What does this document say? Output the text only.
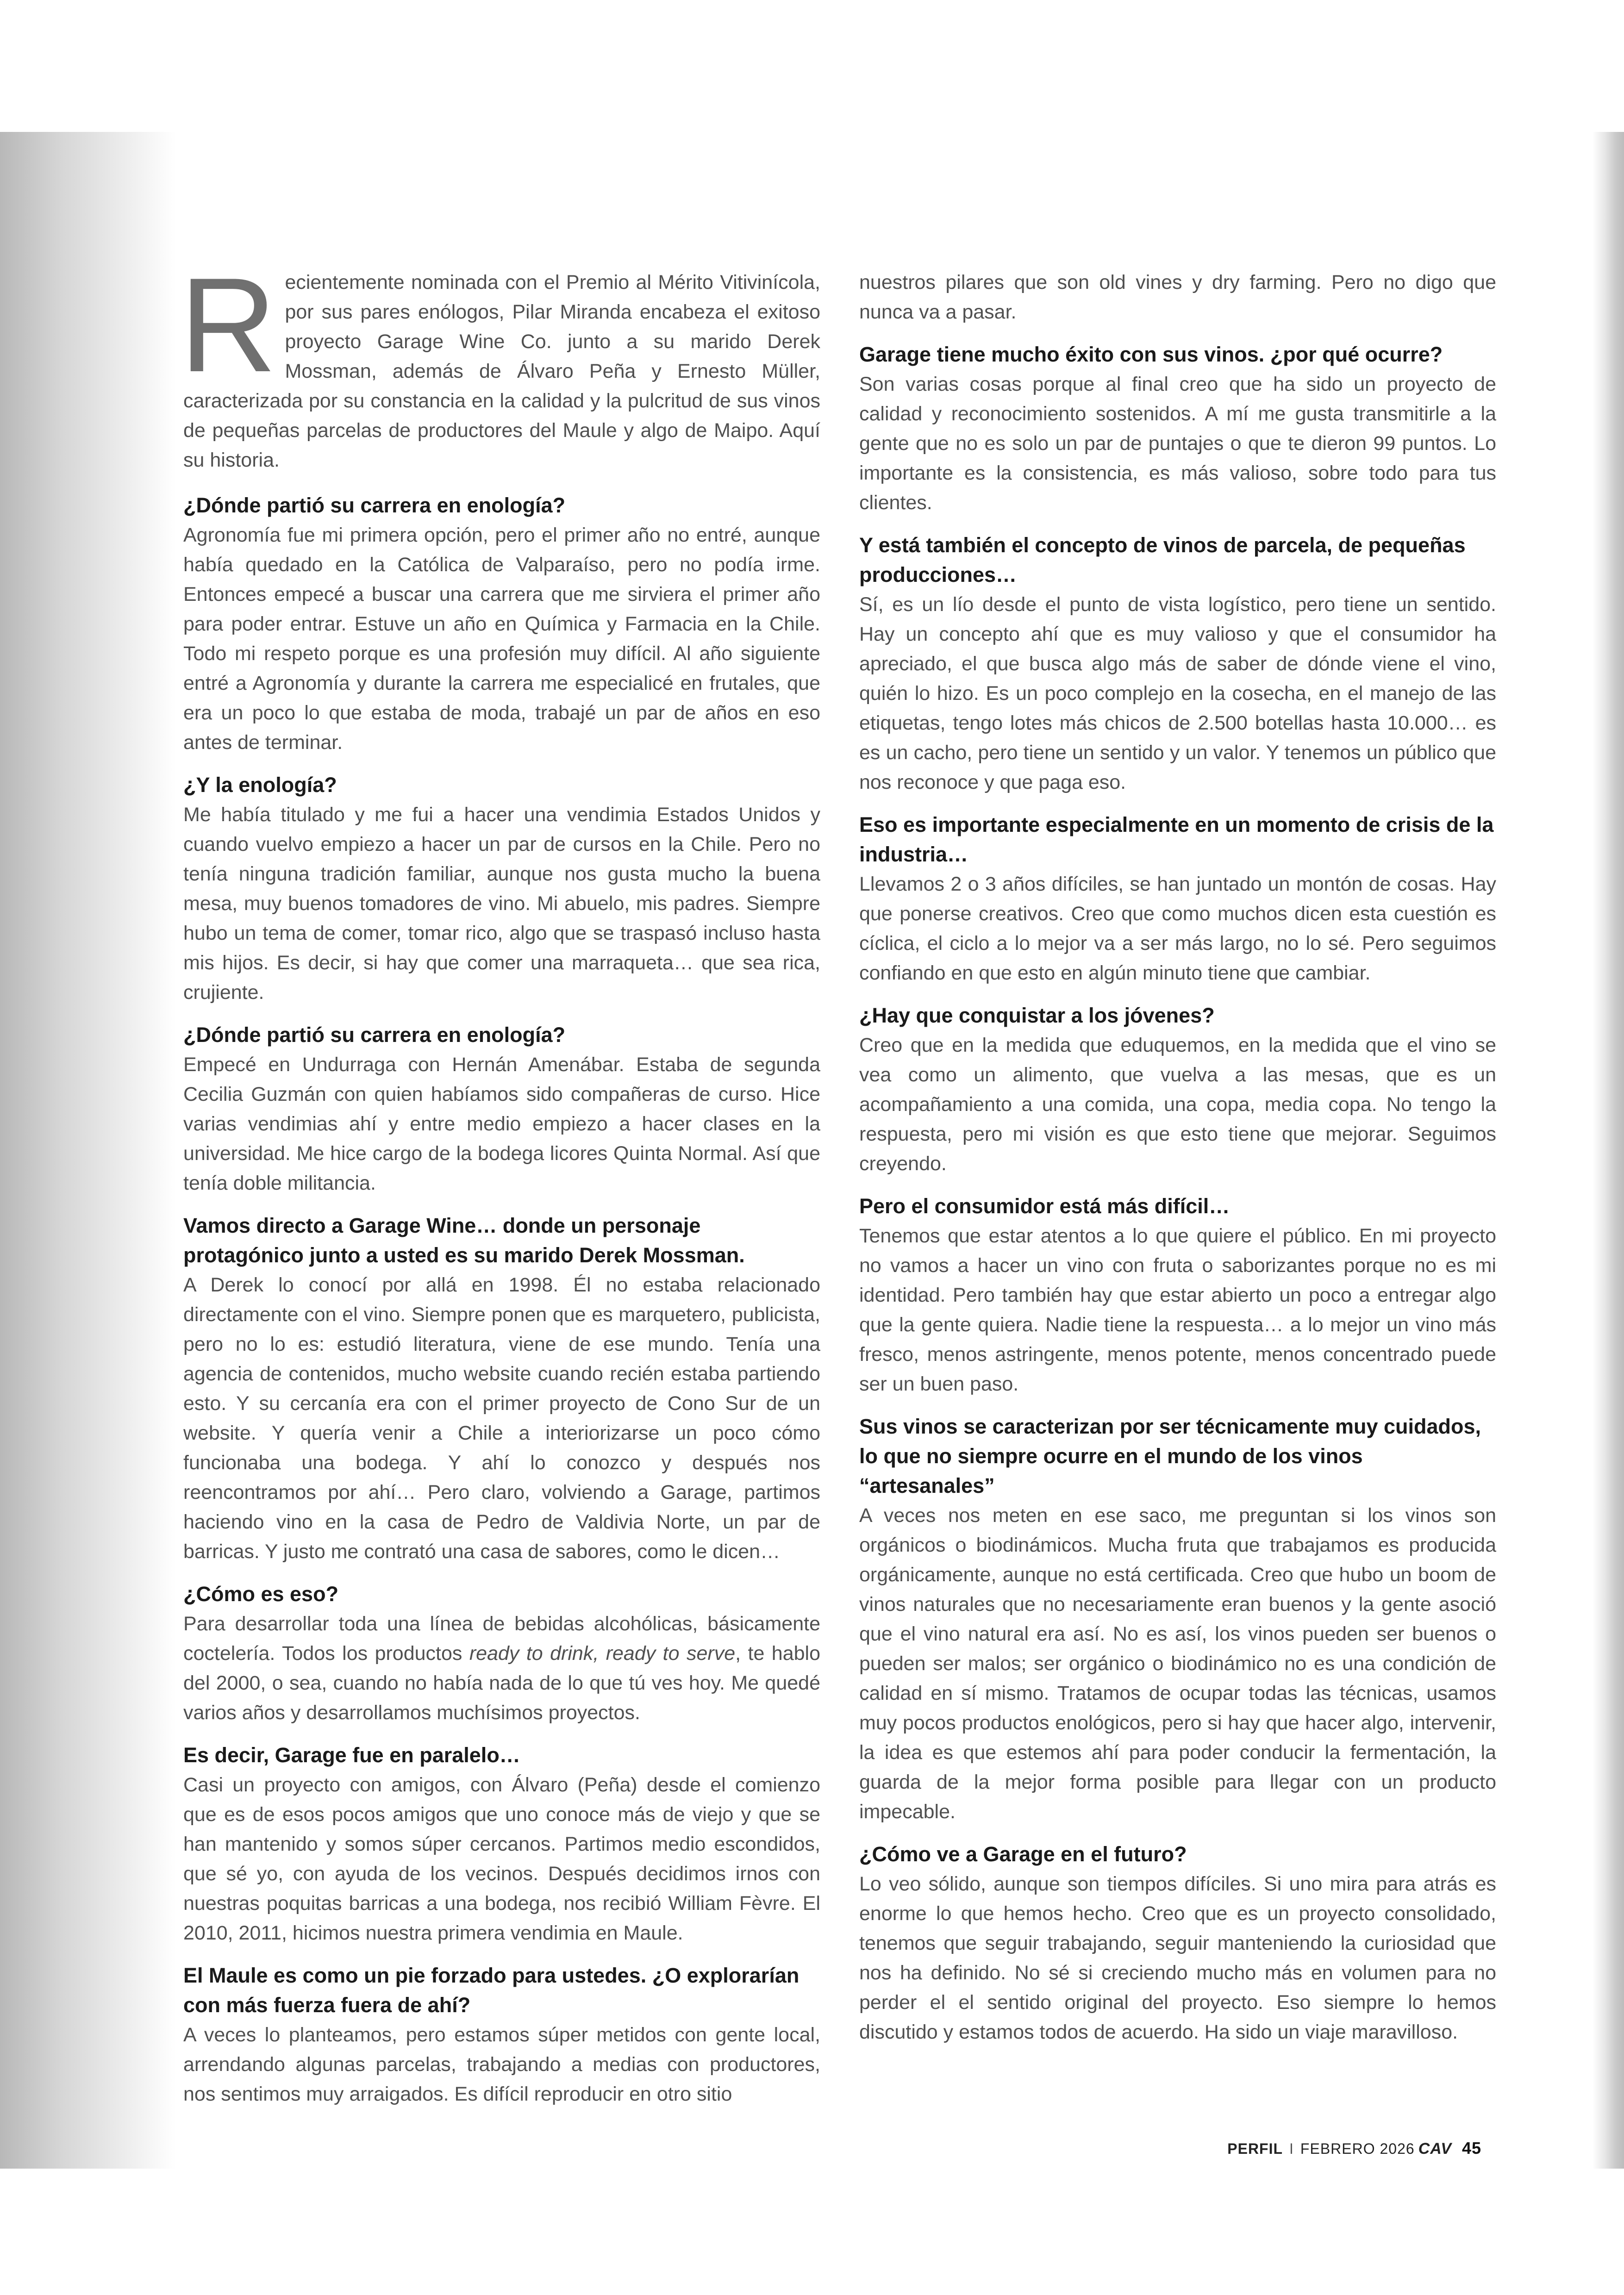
Recientemente nominada con el Premio al Mérito Vitivinícola, por sus pares enólogos, Pilar Miranda encabeza el exitoso proyecto Garage Wine Co. junto a su marido Derek Mossman, además de Álvaro Peña y Ernesto Müller, caracterizada por su constancia en la calidad y la pulcritud de sus vinos de pequeñas parcelas de productores del Maule y algo de Maipo. Aquí su historia.

¿Dónde partió su carrera en enología?

Agronomía fue mi primera opción, pero el primer año no entré, aunque había quedado en la Católica de Valparaíso, pero no podía irme. Entonces empecé a buscar una carrera que me sirviera el primer año para poder entrar. Estuve un año en Química y Farmacia en la Chile. Todo mi respeto porque es una profesión muy difícil. Al año siguiente entré a Agronomía y durante la carrera me especialicé en frutales, que era un poco lo que estaba de moda, trabajé un par de años en eso antes de terminar.

¿Y la enología?

Me había titulado y me fui a hacer una vendimia Estados Unidos y cuando vuelvo empiezo a hacer un par de cursos en la Chile. Pero no tenía ninguna tradición familiar, aunque nos gusta mucho la buena mesa, muy buenos tomadores de vino. Mi abuelo, mis padres. Siempre hubo un tema de comer, tomar rico, algo que se traspasó incluso hasta mis hijos. Es decir, si hay que comer una marraqueta… que sea rica, crujiente.

¿Dónde partió su carrera en enología?

Empecé en Undurraga con Hernán Amenábar. Estaba de segunda Cecilia Guzmán con quien habíamos sido compañeras de curso. Hice varias vendimias ahí y entre medio empiezo a hacer clases en la universidad. Me hice cargo de la bodega licores Quinta Normal. Así que tenía doble militancia.

Vamos directo a Garage Wine… donde un personaje protagónico junto a usted es su marido Derek Mossman.

A Derek lo conocí por allá en 1998. Él no estaba relacionado directamente con el vino. Siempre ponen que es marquetero, publicista, pero no lo es: estudió literatura, viene de ese mundo. Tenía una agencia de contenidos, mucho website cuando recién estaba partiendo esto. Y su cercanía era con el primer proyecto de Cono Sur de un website. Y quería venir a Chile a interiorizarse un poco cómo funcionaba una bodega. Y ahí lo conozco y después nos reencontramos por ahí… Pero claro, volviendo a Garage, partimos haciendo vino en la casa de Pedro de Valdivia Norte, un par de barricas. Y justo me contrató una casa de sabores, como le dicen…

¿Cómo es eso?

Para desarrollar toda una línea de bebidas alcohólicas, básicamente coctelería. Todos los productos ready to drink, ready to serve, te hablo del 2000, o sea, cuando no había nada de lo que tú ves hoy. Me quedé varios años y desarrollamos muchísimos proyectos.

Es decir, Garage fue en paralelo…

Casi un proyecto con amigos, con Álvaro (Peña) desde el comienzo que es de esos pocos amigos que uno conoce más de viejo y que se han mantenido y somos súper cercanos. Partimos medio escondidos, que sé yo, con ayuda de los vecinos. Después decidimos irnos con nuestras poquitas barricas a una bodega, nos recibió William Fèvre. El 2010, 2011, hicimos nuestra primera vendimia en Maule.

El Maule es como un pie forzado para ustedes. ¿O explorarían con más fuerza fuera de ahí?

A veces lo planteamos, pero estamos súper metidos con gente local, arrendando algunas parcelas, trabajando a medias con productores, nos sentimos muy arraigados. Es difícil reproducir en otro sitio

nuestros pilares que son old vines y dry farming. Pero no digo que nunca va a pasar.

Garage tiene mucho éxito con sus vinos. ¿por qué ocurre?

Son varias cosas porque al final creo que ha sido un proyecto de calidad y reconocimiento sostenidos. A mí me gusta transmitirle a la gente que no es solo un par de puntajes o que te dieron 99 puntos. Lo importante es la consistencia, es más valioso, sobre todo para tus clientes.

Y está también el concepto de vinos de parcela, de pequeñas producciones…

Sí, es un lío desde el punto de vista logístico, pero tiene un sentido. Hay un concepto ahí que es muy valioso y que el consumidor ha apreciado, el que busca algo más de saber de dónde viene el vino, quién lo hizo. Es un poco complejo en la cosecha, en el manejo de las etiquetas, tengo lotes más chicos de 2.500 botellas hasta 10.000… es es un cacho, pero tiene un sentido y un valor. Y tenemos un público que nos reconoce y que paga eso.

Eso es importante especialmente en un momento de crisis de la industria…

Llevamos 2 o 3 años difíciles, se han juntado un montón de cosas. Hay que ponerse creativos. Creo que como muchos dicen esta cuestión es cíclica, el ciclo a lo mejor va a ser más largo, no lo sé. Pero seguimos confiando en que esto en algún minuto tiene que cambiar.

¿Hay que conquistar a los jóvenes?

Creo que en la medida que eduquemos, en la medida que el vino se vea como un alimento, que vuelva a las mesas, que es un acompañamiento a una comida, una copa, media copa. No tengo la respuesta, pero mi visión es que esto tiene que mejorar. Seguimos creyendo.

Pero el consumidor está más difícil…

Tenemos que estar atentos a lo que quiere el público. En mi proyecto no vamos a hacer un vino con fruta o saborizantes porque no es mi identidad. Pero también hay que estar abierto un poco a entregar algo que la gente quiera. Nadie tiene la respuesta… a lo mejor un vino más fresco, menos astringente, menos potente, menos concentrado puede ser un buen paso.

Sus vinos se caracterizan por ser técnicamente muy cuidados, lo que no siempre ocurre en el mundo de los vinos “artesanales”

A veces nos meten en ese saco, me preguntan si los vinos son orgánicos o biodinámicos. Mucha fruta que trabajamos es producida orgánicamente, aunque no está certificada. Creo que hubo un boom de vinos naturales que no necesariamente eran buenos y la gente asoció que el vino natural era así. No es así, los vinos pueden ser buenos o pueden ser malos; ser orgánico o biodinámico no es una condición de calidad en sí mismo. Tratamos de ocupar todas las técnicas, usamos muy pocos productos enológicos, pero si hay que hacer algo, intervenir, la idea es que estemos ahí para poder conducir la fermentación, la guarda de la mejor forma posible para llegar con un producto impecable.

¿Cómo ve a Garage en el futuro?

Lo veo sólido, aunque son tiempos difíciles. Si uno mira para atrás es enorme lo que hemos hecho. Creo que es un proyecto consolidado, tenemos que seguir trabajando, seguir manteniendo la curiosidad que nos ha definido. No sé si creciendo mucho más en volumen para no perder el el sentido original del proyecto. Eso siempre lo hemos discutido y estamos todos de acuerdo. Ha sido un viaje maravilloso.

PERFIL I FEBRERO 2026 CAV 45
